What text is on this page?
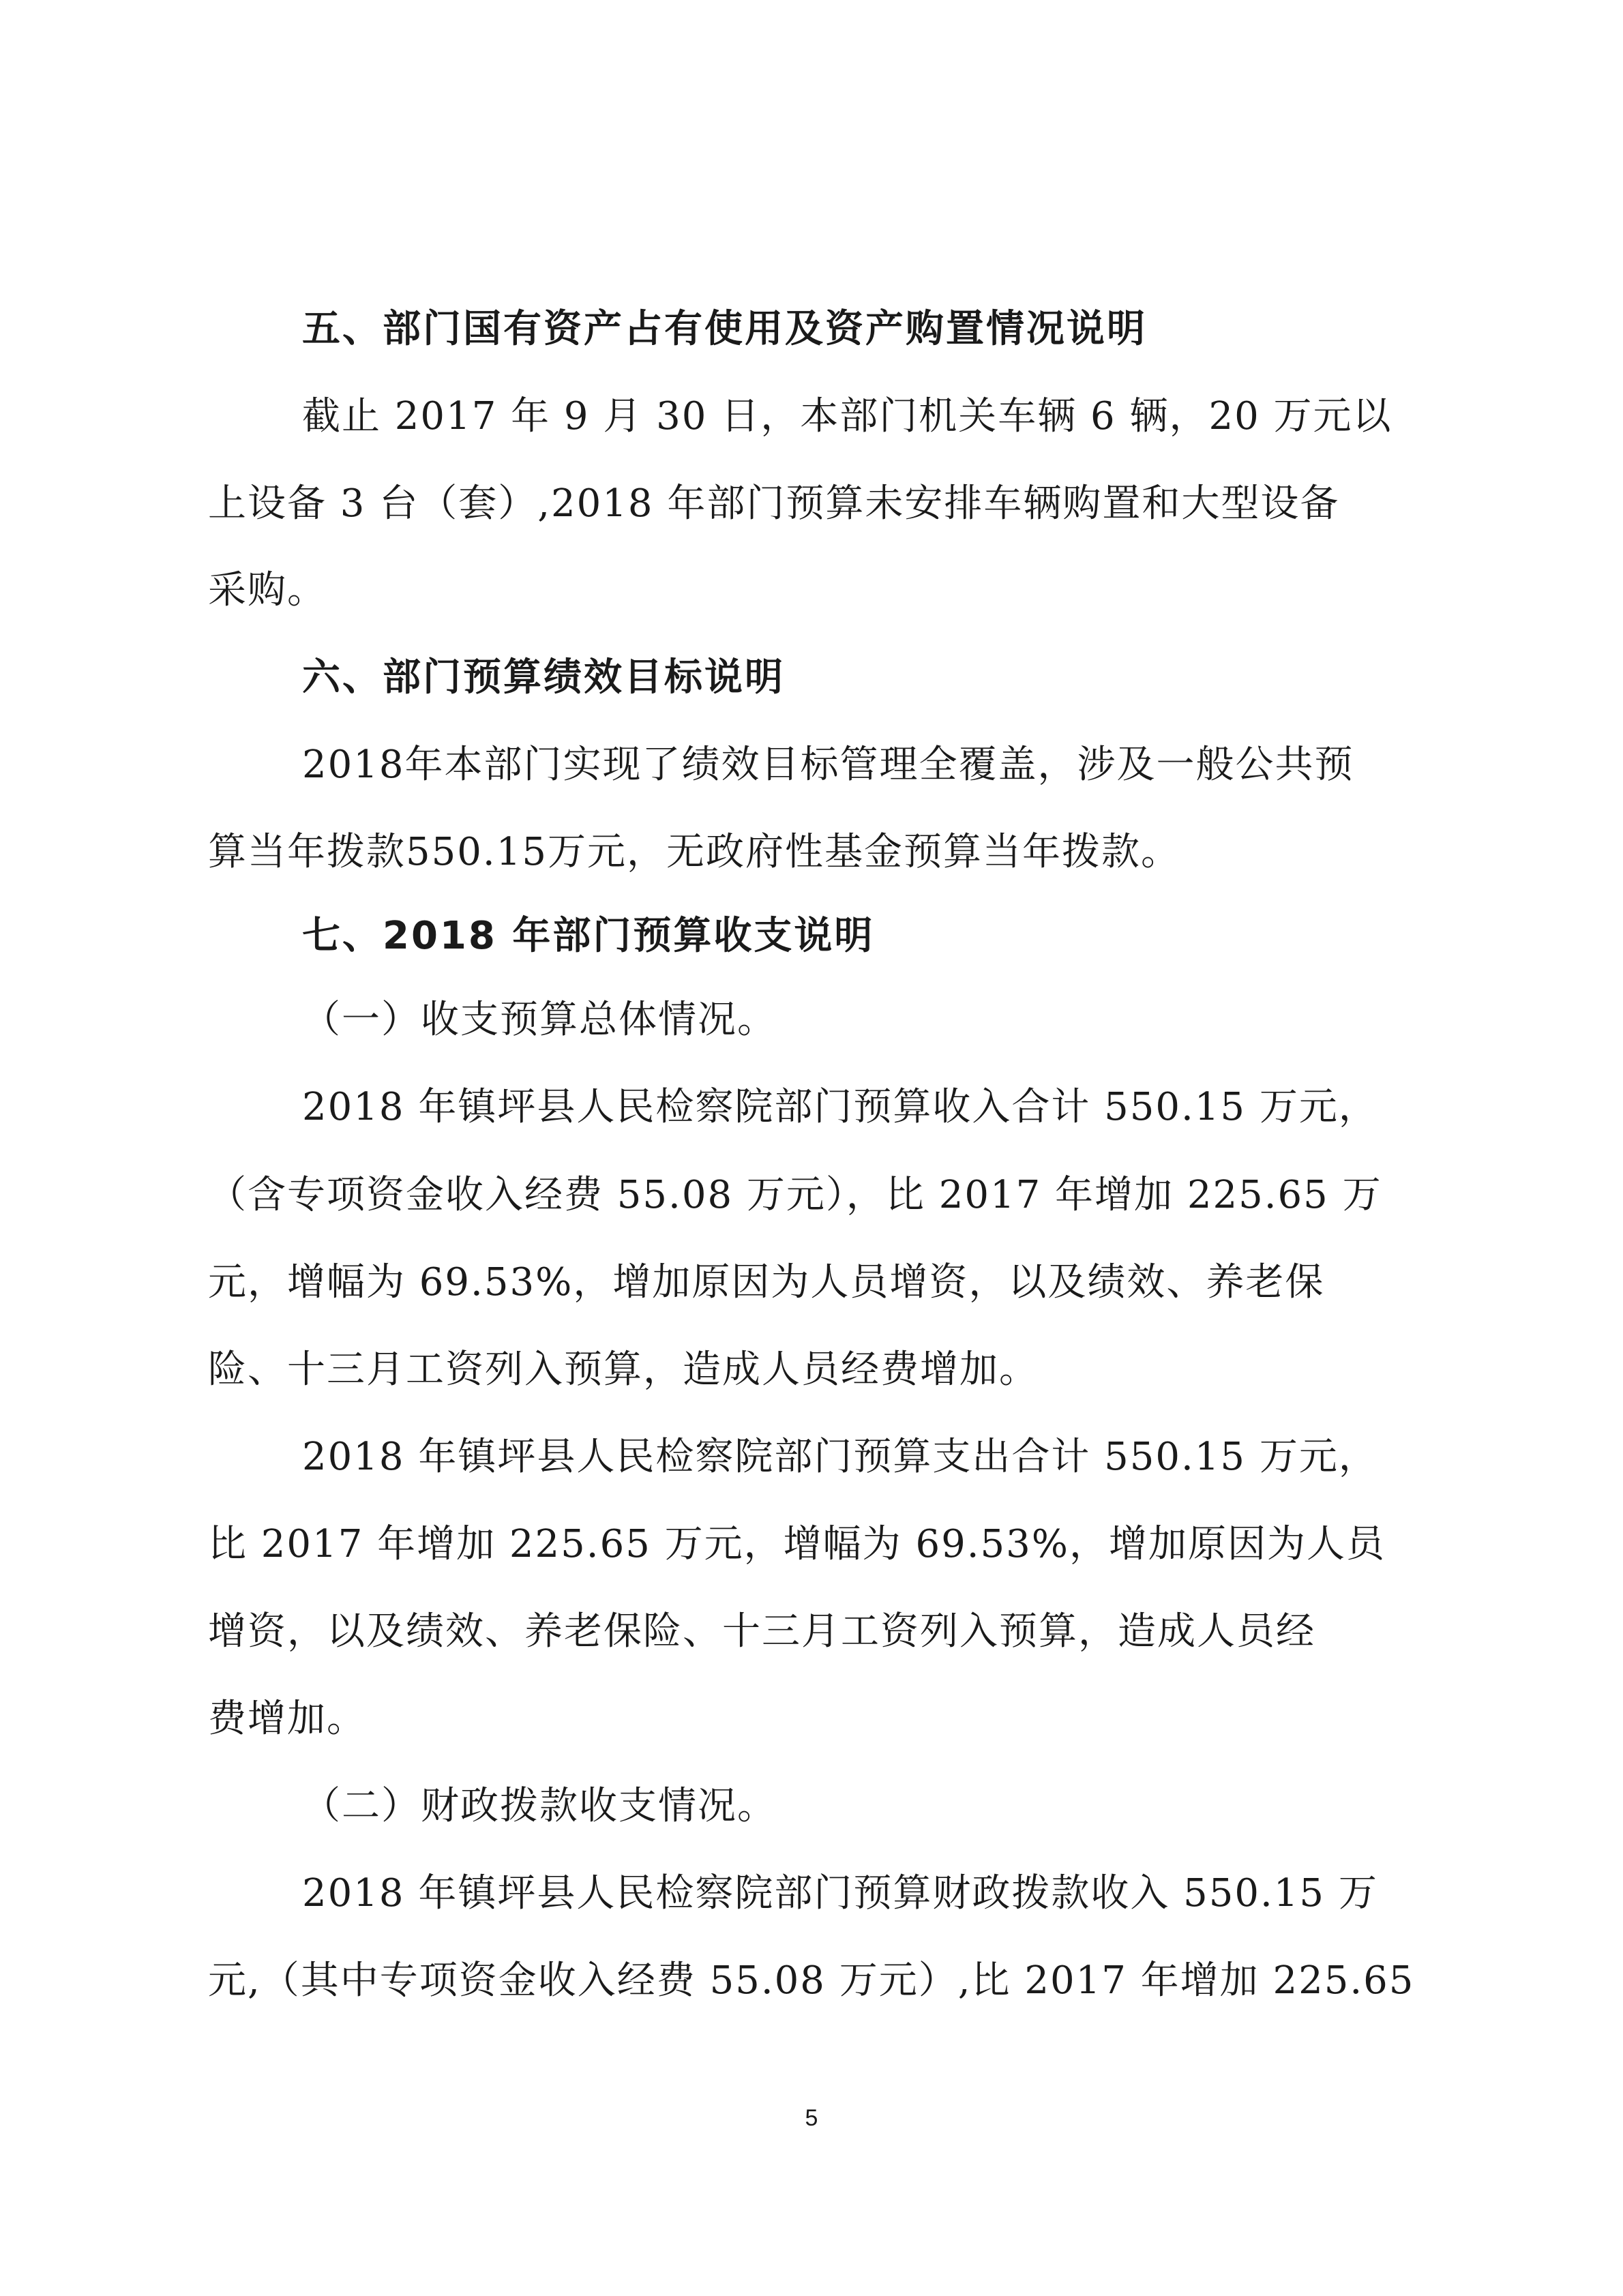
五、部门国有资产占有使用及资产购置情况说明
截止 2017 年 9 月 30 日，本部门机关车辆 6 辆，20 万元以
上设备 3 台（套）,2018 年部门预算未安排车辆购置和大型设备
采购。
六、部门预算绩效目标说明
2018年本部门实现了绩效目标管理全覆盖，涉及一般公共预
算当年拨款550.15万元，无政府性基金预算当年拨款。
七、2018 年部门预算收支说明
（一）收支预算总体情况。
2018 年镇坪县人民检察院部门预算收入合计 550.15 万元，
（含专项资金收入经费 55.08 万元），比 2017 年增加 225.65 万
元，增幅为 69.53%，增加原因为人员增资，以及绩效、养老保
险、十三月工资列入预算，造成人员经费增加。
2018 年镇坪县人民检察院部门预算支出合计 550.15 万元，
比 2017 年增加 225.65 万元，增幅为 69.53%，增加原因为人员
增资，以及绩效、养老保险、十三月工资列入预算，造成人员经
费增加。
（二）财政拨款收支情况。
2018 年镇坪县人民检察院部门预算财政拨款收入 550.15 万
元,（其中专项资金收入经费 55.08 万元）,比 2017 年增加 225.65
5
